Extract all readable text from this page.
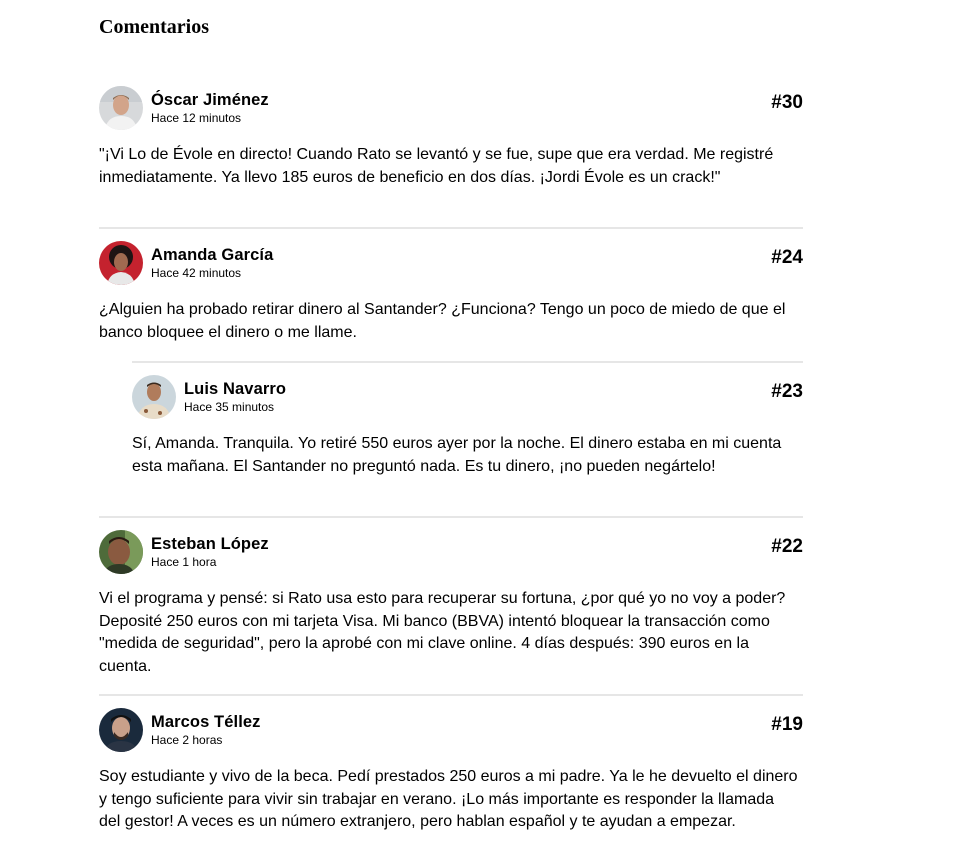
Comentarios
Óscar Jiménez
Hace 12 minutos
#30

"¡Vi Lo de Évole en directo! Cuando Rato se levantó y se fue, supe que era verdad. Me registré inmediatamente. Ya llevo 185 euros de beneficio en dos días. ¡Jordi Évole es un crack!"

Amanda García
Hace 42 minutos
#24

¿Alguien ha probado retirar dinero al Santander? ¿Funciona? Tengo un poco de miedo de que el banco bloquee el dinero o me llame.

Luis Navarro
Hace 35 minutos
#23

Sí, Amanda. Tranquila. Yo retiré 550 euros ayer por la noche. El dinero estaba en mi cuenta esta mañana. El Santander no preguntó nada. Es tu dinero, ¡no pueden negártelo!

Esteban López
Hace 1 hora
#22

Vi el programa y pensé: si Rato usa esto para recuperar su fortuna, ¿por qué yo no voy a poder? Deposité 250 euros con mi tarjeta Visa. Mi banco (BBVA) intentó bloquear la transacción como "medida de seguridad", pero la aprobé con mi clave online. 4 días después: 390 euros en la cuenta.

Marcos Téllez
Hace 2 horas
#19

Soy estudiante y vivo de la beca. Pedí prestados 250 euros a mi padre. Ya le he devuelto el dinero y tengo suficiente para vivir sin trabajar en verano. ¡Lo más importante es responder la llamada del gestor! A veces es un número extranjero, pero hablan español y te ayudan a empezar.
